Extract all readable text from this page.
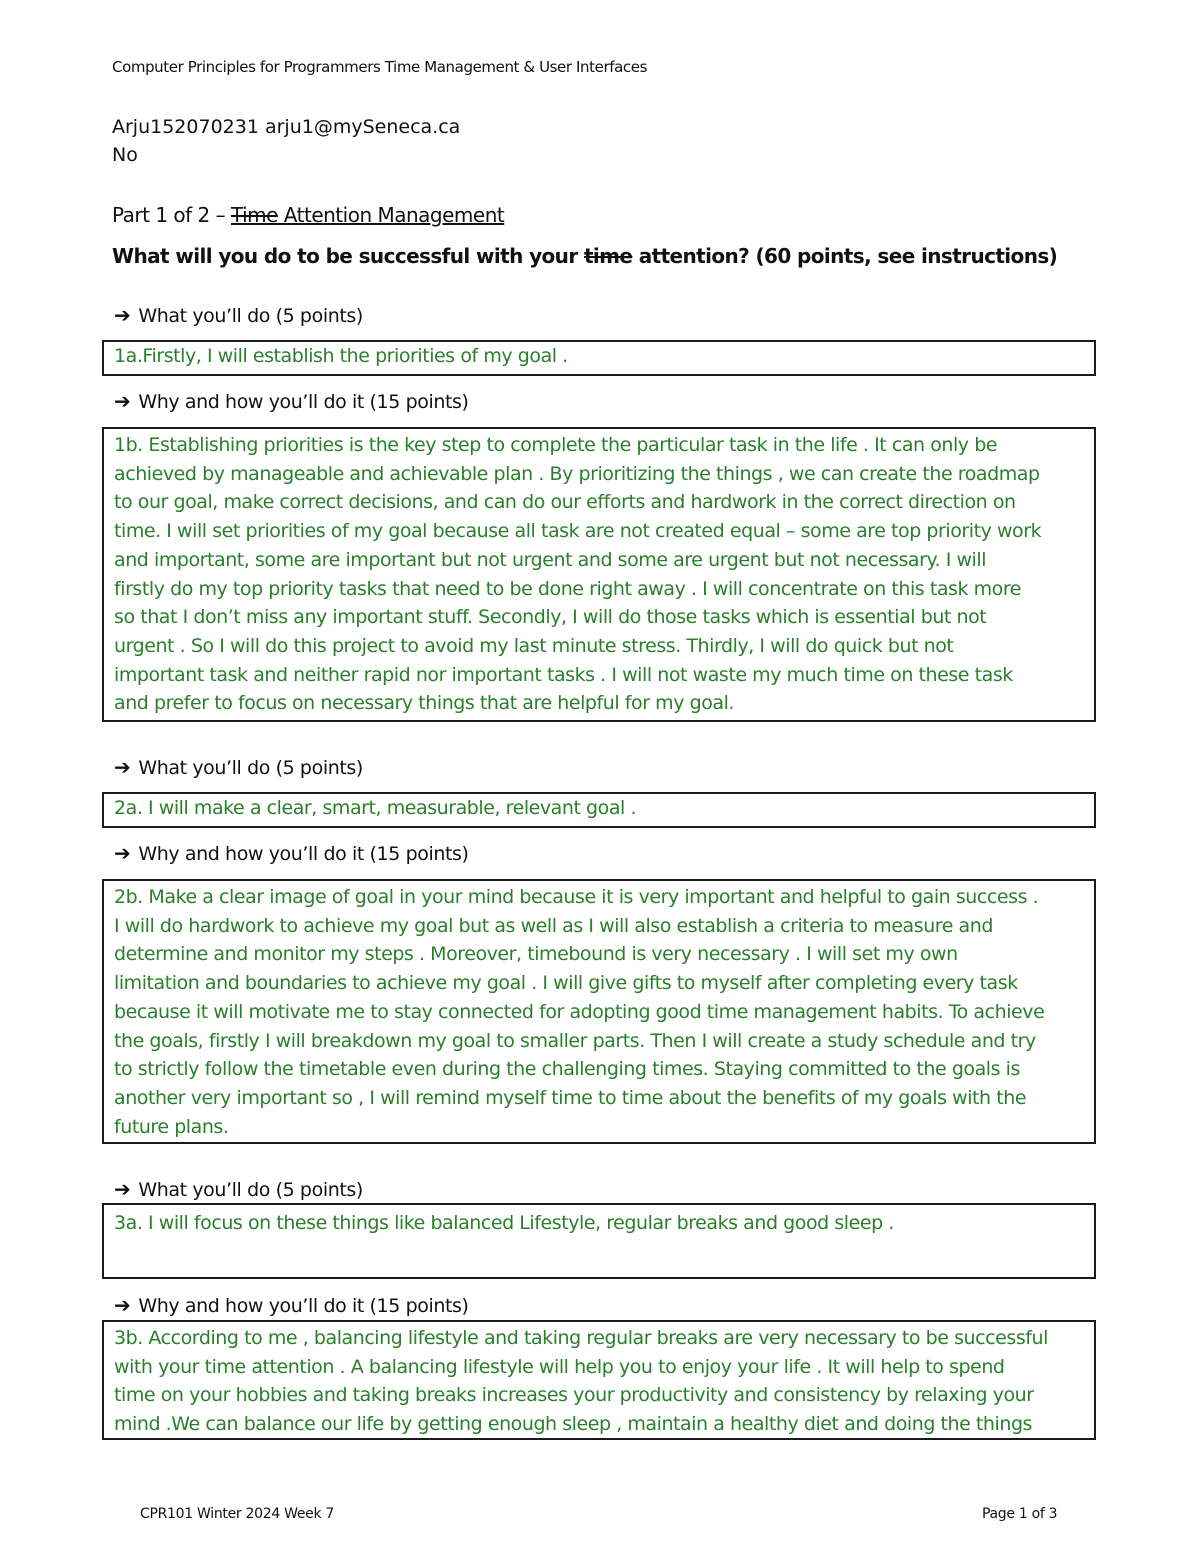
Computer Principles for Programmers Time Management & User Interfaces
Arju152070231 arju1@mySeneca.ca
No
Part 1 of 2 – Time Attention Management
What will you do to be successful with your time attention? (60 points, see instructions)
➔ What you’ll do (5 points)
1a.Firstly, I will establish the priorities of my goal .
➔ Why and how you’ll do it (15 points)
1b. Establishing priorities is the key step to complete the particular task in the life . It can only be
achieved by manageable and achievable plan . By prioritizing the things , we can create the roadmap
to our goal, make correct decisions, and can do our efforts and hardwork in the correct direction on
time. I will set priorities of my goal because all task are not created equal – some are top priority work
and important, some are important but not urgent and some are urgent but not necessary. I will
firstly do my top priority tasks that need to be done right away . I will concentrate on this task more
so that I don’t miss any important stuff. Secondly, I will do those tasks which is essential but not
urgent . So I will do this project to avoid my last minute stress. Thirdly, I will do quick but not
important task and neither rapid nor important tasks . I will not waste my much time on these task
and prefer to focus on necessary things that are helpful for my goal.
➔ What you’ll do (5 points)
2a. I will make a clear, smart, measurable, relevant goal .
➔ Why and how you’ll do it (15 points)
2b. Make a clear image of goal in your mind because it is very important and helpful to gain success .
I will do hardwork to achieve my goal but as well as I will also establish a criteria to measure and
determine and monitor my steps . Moreover, timebound is very necessary . I will set my own
limitation and boundaries to achieve my goal . I will give gifts to myself after completing every task
because it will motivate me to stay connected for adopting good time management habits. To achieve
the goals, firstly I will breakdown my goal to smaller parts. Then I will create a study schedule and try
to strictly follow the timetable even during the challenging times. Staying committed to the goals is
another very important so , I will remind myself time to time about the benefits of my goals with the
future plans.
➔ What you’ll do (5 points)
3a. I will focus on these things like balanced Lifestyle, regular breaks and good sleep .
➔ Why and how you’ll do it (15 points)
3b. According to me , balancing lifestyle and taking regular breaks are very necessary to be successful
with your time attention . A balancing lifestyle will help you to enjoy your life . It will help to spend
time on your hobbies and taking breaks increases your productivity and consistency by relaxing your
mind .We can balance our life by getting enough sleep , maintain a healthy diet and doing the things
CPR101 Winter 2024 Week 7	Page 1 of 3
